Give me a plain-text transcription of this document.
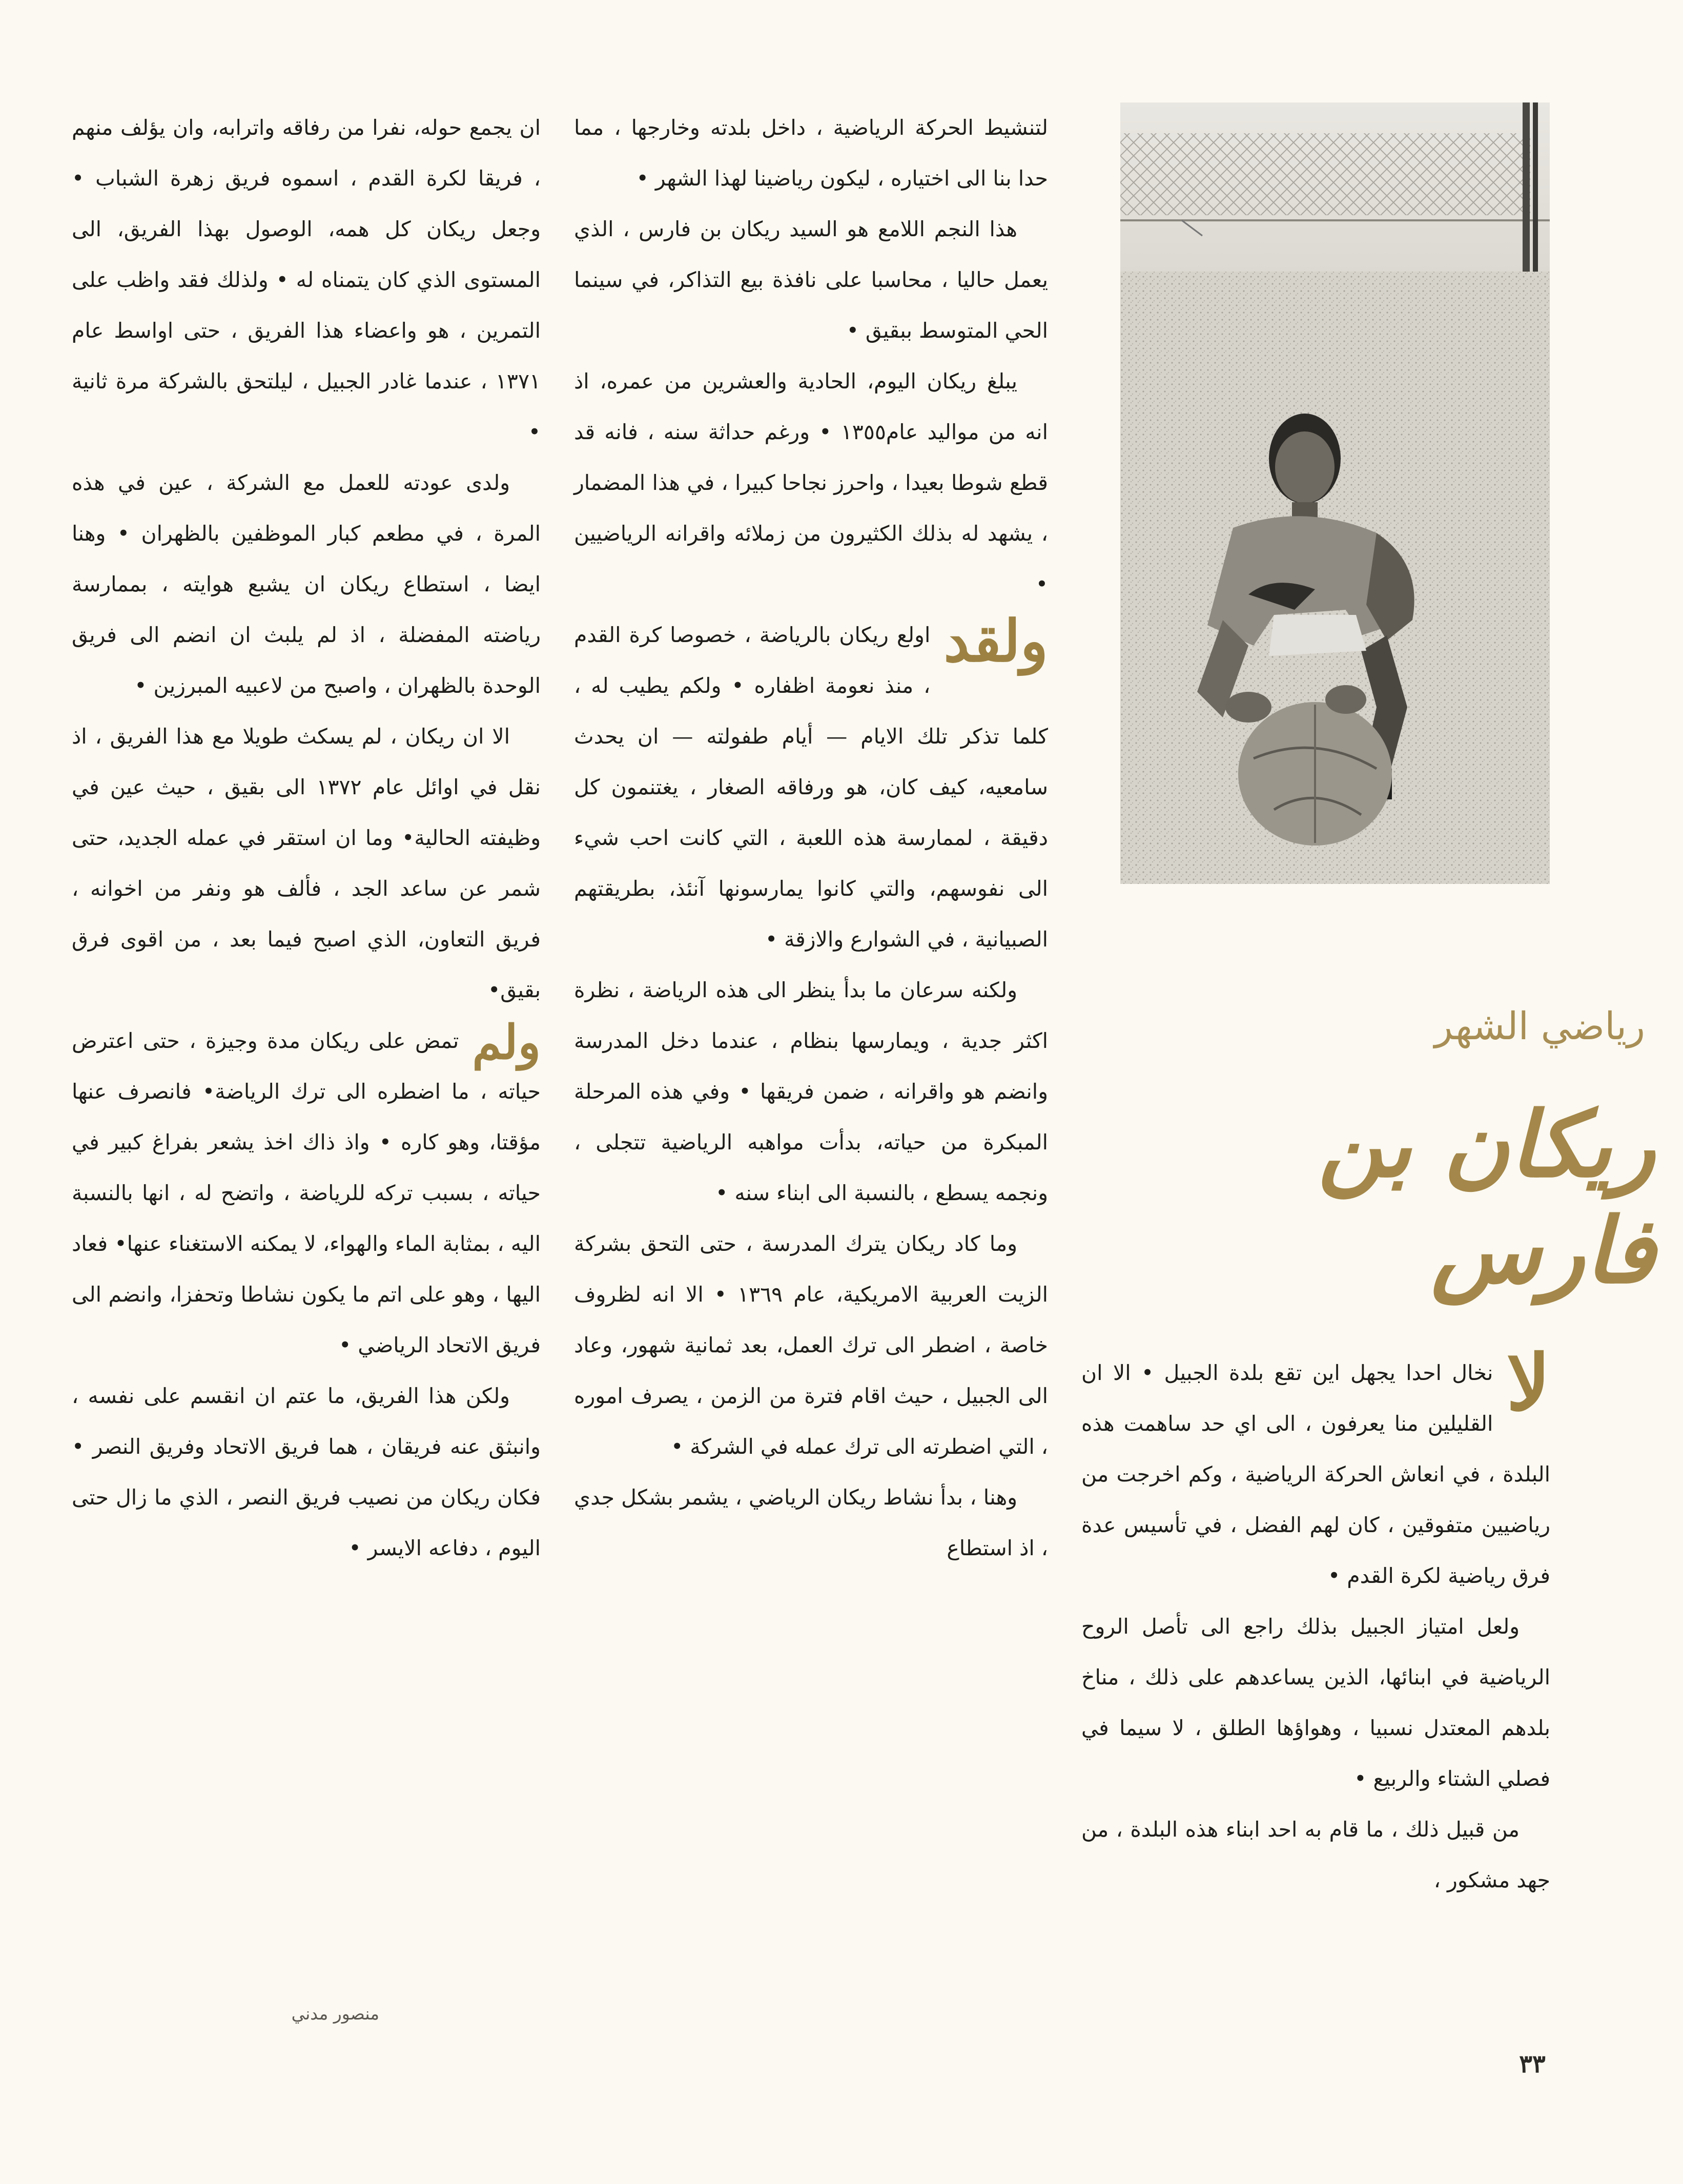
رياضي الشهر
ريكان بن فارس

لا
نخال احدا يجهل اين تقع بلدة الجبيل • الا ان القليلين منا يعرفون ، الى اي حد ساهمت هذه البلدة ، في انعاش الحركة الرياضية ، وكم اخرجت من رياضيين متفوقين ، كان لهم الفضل ، في تأسيس عدة فرق رياضية لكرة القدم •

ولعل امتياز الجبيل بذلك راجع الى تأصل الروح الرياضية في ابنائها، الذين يساعدهم على ذلك ، مناخ بلدهم المعتدل نسبيا ، وهواؤها الطلق ، لا سيما في فصلي الشتاء والربيع •

من قبيل ذلك ، ما قام به احد ابناء هذه البلدة ، من جهد مشكور ،

لتنشيط الحركة الرياضية ، داخل بلدته وخارجها ، مما حدا بنا الى اختياره ، ليكون رياضينا لهذا الشهر •

هذا النجم اللامع هو السيد ريكان بن فارس ، الذي يعمل حاليا ، محاسبا على نافذة بيع التذاكر، في سينما الحي المتوسط ببقيق •

يبلغ ريكان اليوم، الحادية والعشرين من عمره، اذ انه من مواليد عام١٣٥٥ • ورغم حداثة سنه ، فانه قد قطع شوطا بعيدا ، واحرز نجاحا كبيرا ، في هذا المضمار ، يشهد له بذلك الكثيرون من زملائه واقرانه الرياضيين •

ولقد
اولع ريكان بالرياضة ، خصوصا كرة القدم ، منذ نعومة اظفاره • ولكم يطيب له ، كلما تذكر تلك الايام — أيام طفولته — ان يحدث سامعيه، كيف كان، هو ورفاقه الصغار ، يغتنمون كل دقيقة ، لممارسة هذه اللعبة ، التي كانت احب شيء الى نفوسهم، والتي كانوا يمارسونها آنئذ، بطريقتهم الصبيانية ، في الشوارع والازقة •

ولكنه سرعان ما بدأ ينظر الى هذه الرياضة ، نظرة اكثر جدية ، ويمارسها بنظام ، عندما دخل المدرسة وانضم هو واقرانه ، ضمن فريقها • وفي هذه المرحلة المبكرة من حياته، بدأت مواهبه الرياضية تتجلى ، ونجمه يسطع ، بالنسبة الى ابناء سنه •

وما كاد ريكان يترك المدرسة ، حتى التحق بشركة الزيت العربية الامريكية، عام ١٣٦٩ • الا انه لظروف خاصة ، اضطر الى ترك العمل، بعد ثمانية شهور، وعاد الى الجبيل ، حيث اقام فترة من الزمن ، يصرف اموره ، التي اضطرته الى ترك عمله في الشركة •

وهنا ، بدأ نشاط ريكان الرياضي ، يشمر بشكل جدي ، اذ استطاع

ان يجمع حوله، نفرا من رفاقه واترابه، وان يؤلف منهم ، فريقا لكرة القدم ، اسموه فريق زهرة الشباب • وجعل ريكان كل همه، الوصول بهذا الفريق، الى المستوى الذي كان يتمناه له • ولذلك فقد واظب على التمرين ، هو واعضاء هذا الفريق ، حتى اواسط عام ١٣٧١ ، عندما غادر الجبيل ، ليلتحق بالشركة مرة ثانية •

ولدى عودته للعمل مع الشركة ، عين في هذه المرة ، في مطعم كبار الموظفين بالظهران • وهنا ايضا ، استطاع ريكان ان يشبع هوايته ، بممارسة رياضته المفضلة ، اذ لم يلبث ان انضم الى فريق الوحدة بالظهران ، واصبح من لاعبيه المبرزين •

الا ان ريكان ، لم يسكث طويلا مع هذا الفريق ، اذ نقل في اوائل عام ١٣٧٢ الى بقيق ، حيث عين في وظيفته الحالية• وما ان استقر في عمله الجديد، حتى شمر عن ساعد الجد ، فألف هو ونفر من اخوانه ، فريق التعاون، الذي اصبح فيما بعد ، من اقوى فرق بقيق•

ولم
تمض على ريكان مدة وجيزة ، حتى اعترض حياته ، ما اضطره الى ترك الرياضة• فانصرف عنها مؤقتا، وهو كاره • واذ ذاك اخذ يشعر بفراغ كبير في حياته ، بسبب تركه للرياضة ، واتضح له ، انها بالنسبة اليه ، بمثابة الماء والهواء، لا يمكنه الاستغناء عنها• فعاد اليها ، وهو على اتم ما يكون نشاطا وتحفزا، وانضم الى فريق الاتحاد الرياضي •

ولكن هذا الفريق، ما عتم ان انقسم على نفسه ، وانبثق عنه فريقان ، هما فريق الاتحاد وفريق النصر • فكان ريكان من نصيب فريق النصر ، الذي ما زال حتى اليوم ، دفاعه الايسر •

منصور مدني
٣٣
